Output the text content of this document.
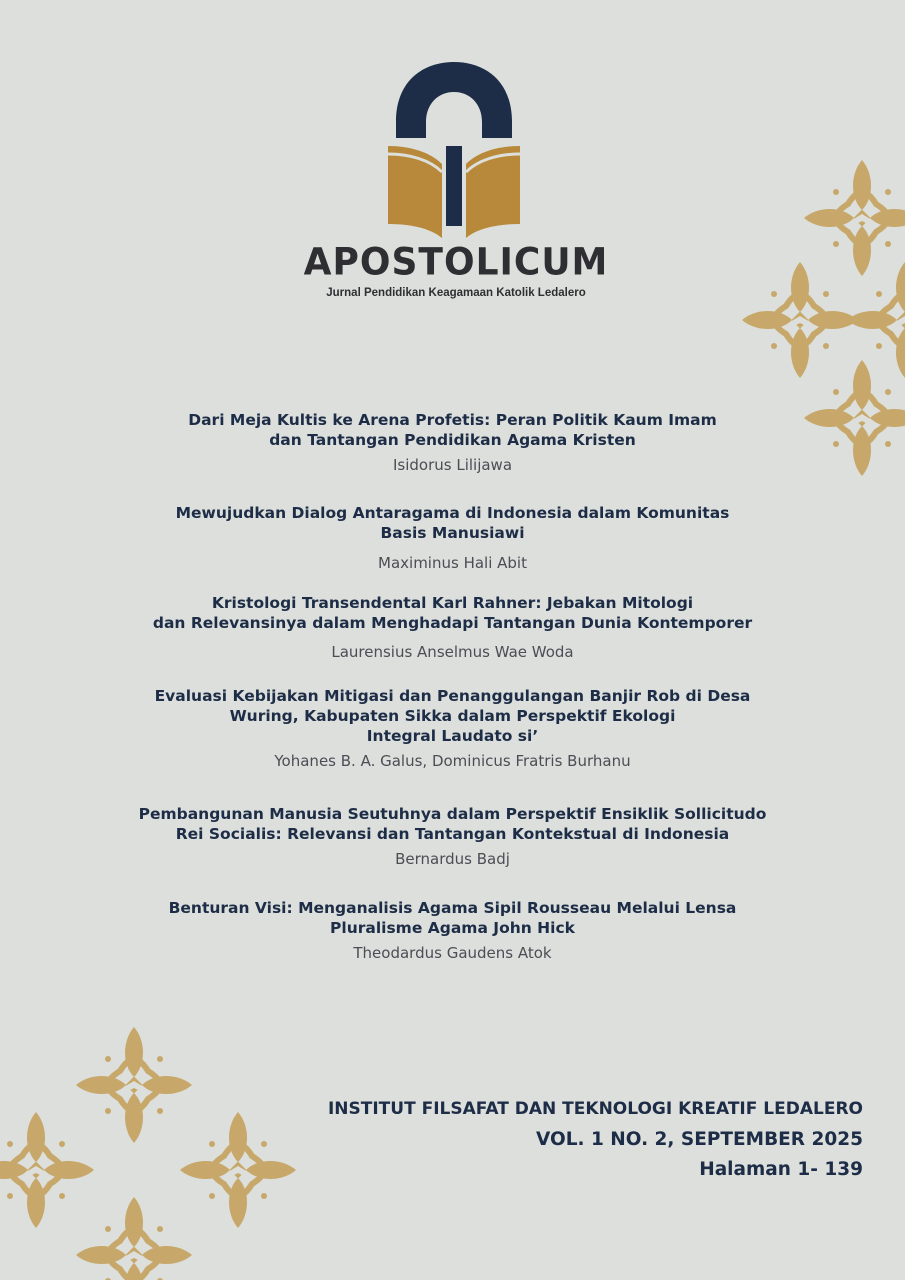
APOSTOLICUM
Jurnal Pendidikan Keagamaan Katolik Ledalero

Dari Meja Kultis ke Arena Profetis: Peran Politik Kaum Imam
dan Tantangan Pendidikan Agama Kristen

Isidorus Lilijawa

Mewujudkan Dialog Antaragama di Indonesia dalam Komunitas
Basis Manusiawi

Maximinus Hali Abit

Kristologi Transendental Karl Rahner: Jebakan Mitologi
dan Relevansinya dalam Menghadapi Tantangan Dunia Kontemporer

Laurensius Anselmus Wae Woda

Evaluasi Kebijakan Mitigasi dan Penanggulangan Banjir Rob di Desa
Wuring, Kabupaten Sikka dalam Perspektif Ekologi
Integral Laudato si’

Yohanes B. A. Galus, Dominicus Fratris Burhanu

Pembangunan Manusia Seutuhnya dalam Perspektif Ensiklik Sollicitudo
Rei Socialis: Relevansi dan Tantangan Kontekstual di Indonesia

Bernardus Badj

Benturan Visi: Menganalisis Agama Sipil Rousseau Melalui Lensa
Pluralisme Agama John Hick

Theodardus Gaudens Atok

INSTITUT FILSAFAT DAN TEKNOLOGI KREATIF LEDALERO
VOL. 1 NO. 2, SEPTEMBER 2025
Halaman 1- 139
